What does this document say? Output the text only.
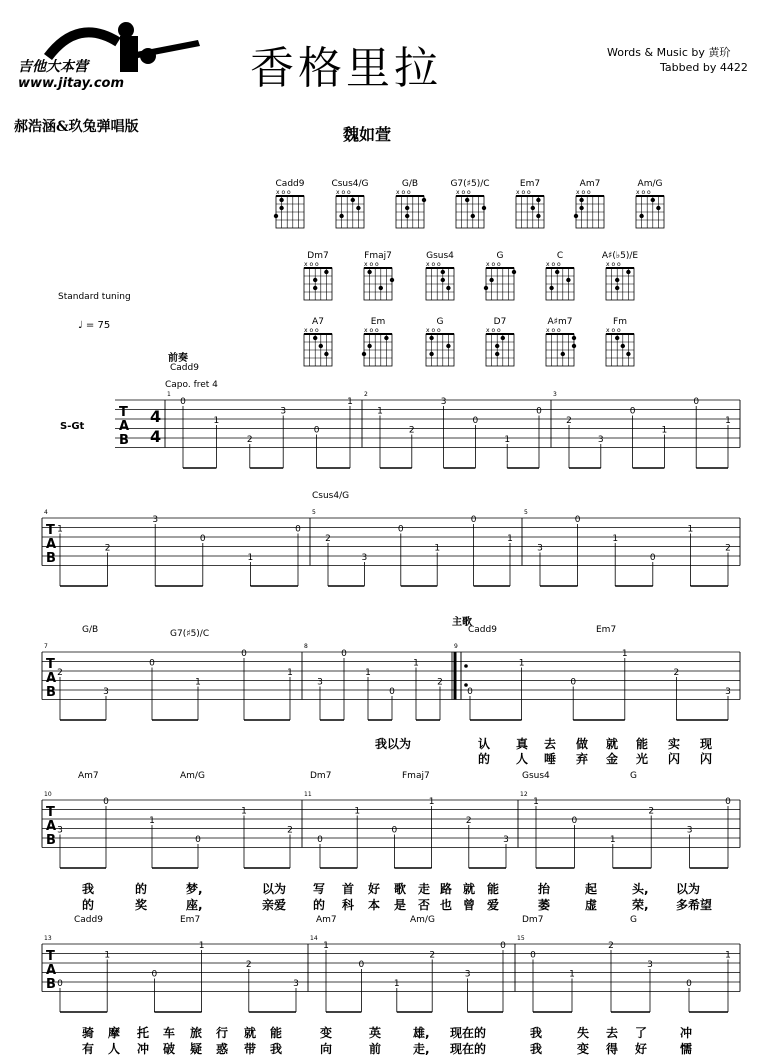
吉他大本营
www.jitay.com
郝浩涵&玖兔弹唱版
香格里拉
魏如萱
Words & Music by 黄玠
Tabbed by 4422
Cadd9
x o o
Csus4/G
x o o
G/B
x o o
G7(♯5)/C
x o o
Em7
x o o
Am7
x o o
Am/G
x o o
Dm7
x o o
Fmaj7
x o o
Gsus4
x o o
G
x o o
C
x o o
A♯(♭5)/E
x o o
A7
x o o
Em
x o o
G
x o o
D7
x o o
A♯m7
x o o
Fm
x o o
Standard tuning
♩ = 75
前奏
Capo. fret 4
S-Gt
主歌
T
A
B
4
4
0
1
2
3
0
1
1
2
3
0
1
0
2
3
0
1
0
1
1	2	3
T
A
B
1
2
3
0
1
0
2
3
0
1
0
1
3
0
1
0
1
2
4	5	5
T
A
B
2
3
0
1
0
1
3
0
1
0
1
2
0
1
0
1
2
3
7	8	9
T
A
B
3
0
1
0
1
2
0
1
0
1
2
3
1
0
1
2
3
0
10	11	12
T
A
B 0
1
0
1
2
3
1
0
1
2
3
0
0
1
2
3
0
1
13	14	15
Cadd9
Csus4/G
G/B	G7(♯5)/C	Cadd9	Em7
Am7	Am/G	Dm7	Fmaj7	Gsus4	G
Cadd9	Em7	Am7	Am/G	Dm7	G
我以为	认 真 去 做 就 能 实 现
的 人 唾 弃 金 光 闪 闪
我	的	梦,	以为 写 首 好 歌 走 路 就 能	抬	起	头, 以为
的	奖	座,	亲爱 的 科 本 是 否 也 曾 爱	萎	虚	荣, 多希望
骑 摩 托 车 旅 行 就 能	变	英	雄, 现在的	我	失 去 了	冲
有 人 冲 破 疑 惑 带 我	向	前	走, 现在的	我	变 得 好	懦
